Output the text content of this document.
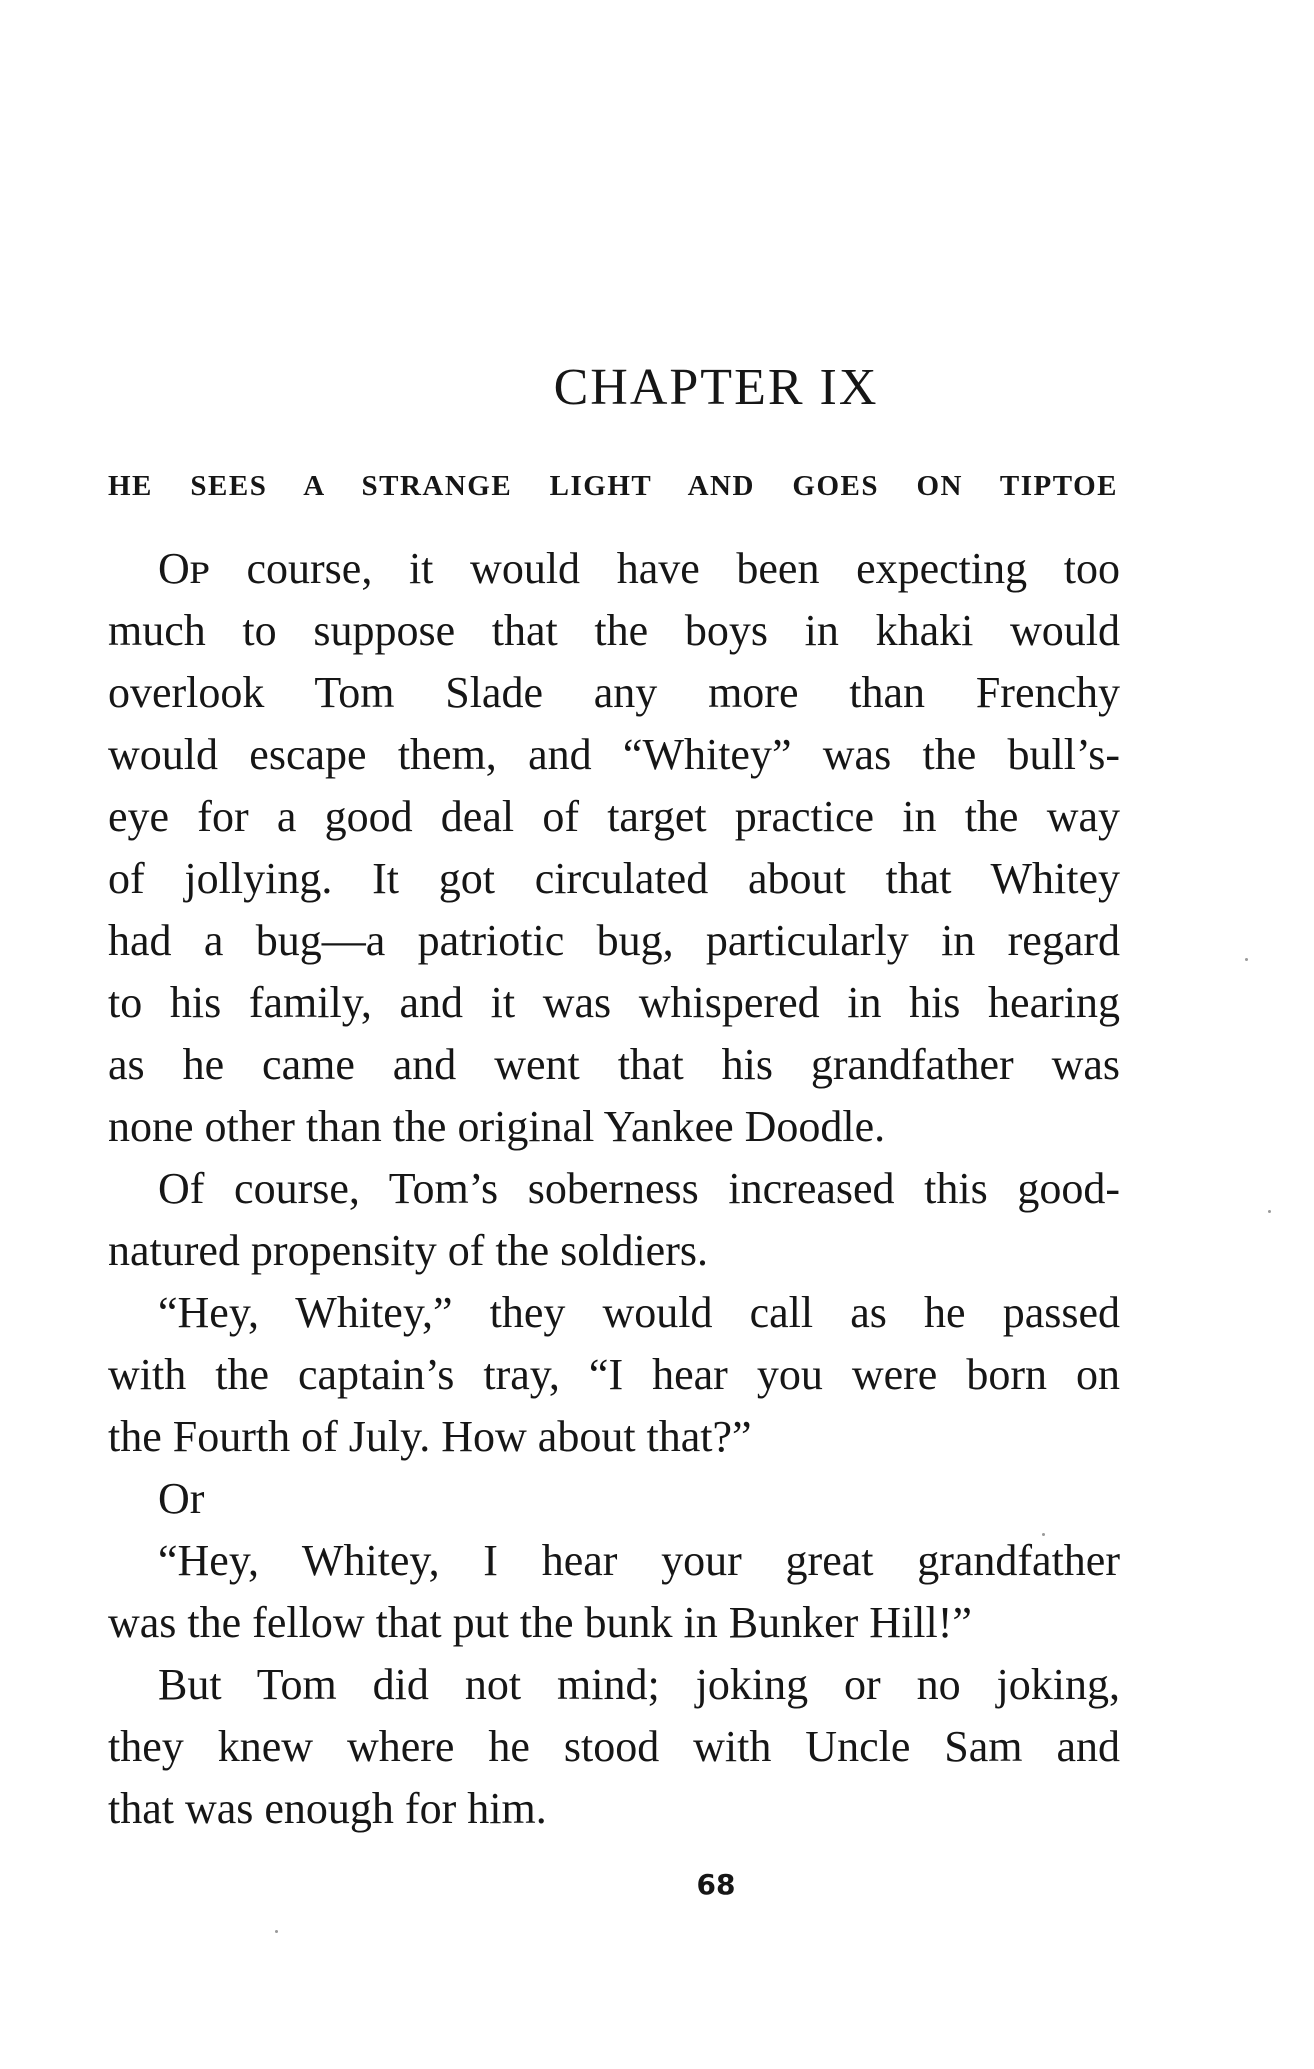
CHAPTER IX
HE SEES A STRANGE LIGHT AND GOES ON TIPTOE
Oᴘ course, it would have been expecting too
much to suppose that the boys in khaki would
overlook Tom Slade any more than Frenchy
would escape them, and “Whitey” was the bull’s-
eye for a good deal of target practice in the way
of jollying. It got circulated about that Whitey
had a bug—a patriotic bug, particularly in regard
to his family, and it was whispered in his hearing
as he came and went that his grandfather was
none other than the original Yankee Doodle.
Of course, Tom’s soberness increased this good-
natured propensity of the soldiers.
“Hey, Whitey,” they would call as he passed
with the captain’s tray, “I hear you were born on
the Fourth of July. How about that?”
Or
“Hey, Whitey, I hear your great grandfather
was the fellow that put the bunk in Bunker Hill!”
But Tom did not mind; joking or no joking,
they knew where he stood with Uncle Sam and
that was enough for him.
68
